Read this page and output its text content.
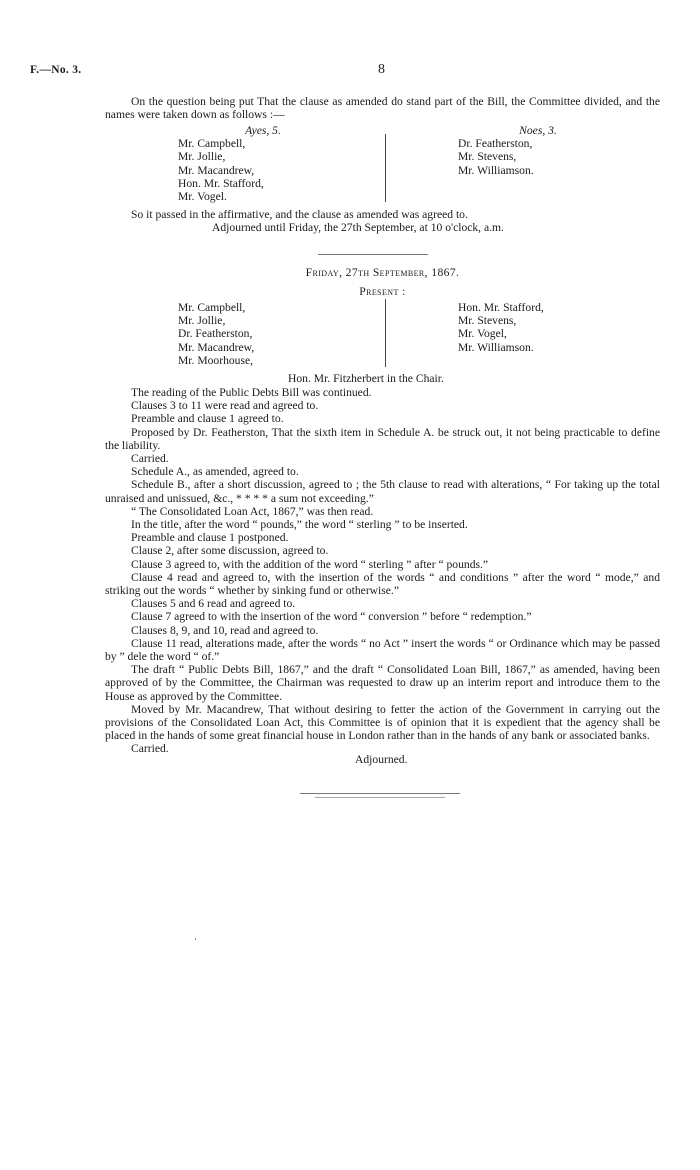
F.—No. 3.	8
On the question being put That the clause as amended do stand part of the Bill, the Committee divided, and the names were taken down as follows :—
Ayes, 5.
Mr. Campbell,
Mr. Jollie,
Mr. Macandrew,
Hon. Mr. Stafford,
Mr. Vogel.
Noes, 3.
Dr. Featherston,
Mr. Stevens,
Mr. Williamson.
So it passed in the affirmative, and the clause as amended was agreed to.
Adjourned until Friday, the 27th September, at 10 o'clock, a.m.
Friday, 27th September, 1867.
Present :
Mr. Campbell,
Mr. Jollie,
Dr. Featherston,
Mr. Macandrew,
Mr. Moorhouse,
Hon. Mr. Stafford,
Mr. Stevens,
Mr. Vogel,
Mr. Williamson.
Hon. Mr. Fitzherbert in the Chair.
The reading of the Public Debts Bill was continued.
Clauses 3 to 11 were read and agreed to.
Preamble and clause 1 agreed to.
Proposed by Dr. Featherston, That the sixth item in Schedule A. be struck out, it not being practicable to define the liability.
Carried.
Schedule A., as amended, agreed to.
Schedule B., after a short discussion, agreed to ; the 5th clause to read with alterations, “ For taking up the total unraised and unissued, &c., * * * * a sum not exceeding.”
“ The Consolidated Loan Act, 1867,” was then read.
In the title, after the word “ pounds,” the word “ sterling ” to be inserted.
Preamble and clause 1 postponed.
Clause 2, after some discussion, agreed to.
Clause 3 agreed to, with the addition of the word “ sterling ” after “ pounds.”
Clause 4 read and agreed to, with the insertion of the words “ and conditions ” after the word “ mode,” and striking out the words “ whether by sinking fund or otherwise.”
Clauses 5 and 6 read and agreed to.
Clause 7 agreed to with the insertion of the word “ conversion ” before “ redemption.”
Clauses 8, 9, and 10, read and agreed to.
Clause 11 read, alterations made, after the words “ no Act ” insert the words “ or Ordinance which may be passed by ” dele the word “ of.”
The draft “ Public Debts Bill, 1867,” and the draft “ Consolidated Loan Bill, 1867,” as amended, having been approved of by the Committee, the Chairman was requested to draw up an interim report and introduce them to the House as approved by the Committee.
Moved by Mr. Macandrew, That without desiring to fetter the action of the Government in carrying out the provisions of the Consolidated Loan Act, this Committee is of opinion that it is expedient that the agency shall be placed in the hands of some great financial house in London rather than in the hands of any bank or associated banks.
Carried.
Adjourned.
